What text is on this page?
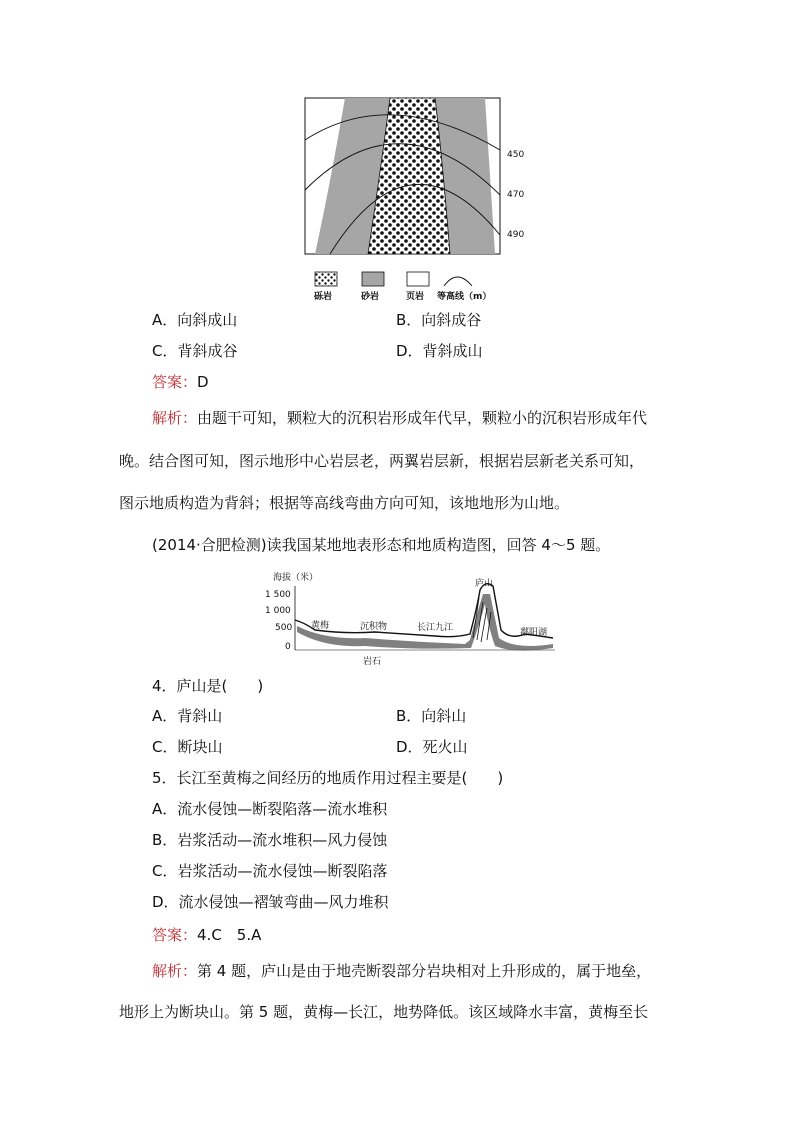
450
470
490
砾岩	砂岩	页岩 等高线（m）
A．向斜成山	B．向斜成谷
C．背斜成谷	D．背斜成山
答案：D
解析：由题干可知，颗粒大的沉积岩形成年代早，颗粒小的沉积岩形成年代
晚。结合图可知，图示地形中心岩层老，两翼岩层新，根据岩层新老关系可知，
图示地质构造为背斜；根据等高线弯曲方向可知，该地地形为山地。
(2014·合肥检测)读我国某地地表形态和地质构造图，回答 4～5 题。
海拔（米）
1 500
1 000
500
0
黄梅	沉积物
岩石
长江九江
庐山
鄱阳湖
4．庐山是(　　)
A．背斜山	B．向斜山
C．断块山	D．死火山
5．长江至黄梅之间经历的地质作用过程主要是(　　)
A．流水侵蚀—断裂陷落—流水堆积
B．岩浆活动—流水堆积—风力侵蚀
C．岩浆活动—流水侵蚀—断裂陷落
D．流水侵蚀—褶皱弯曲—风力堆积
答案：4.C　5.A
解析：第 4 题，庐山是由于地壳断裂部分岩块相对上升形成的，属于地垒，
地形上为断块山。第 5 题，黄梅—长江，地势降低。该区域降水丰富，黄梅至长
